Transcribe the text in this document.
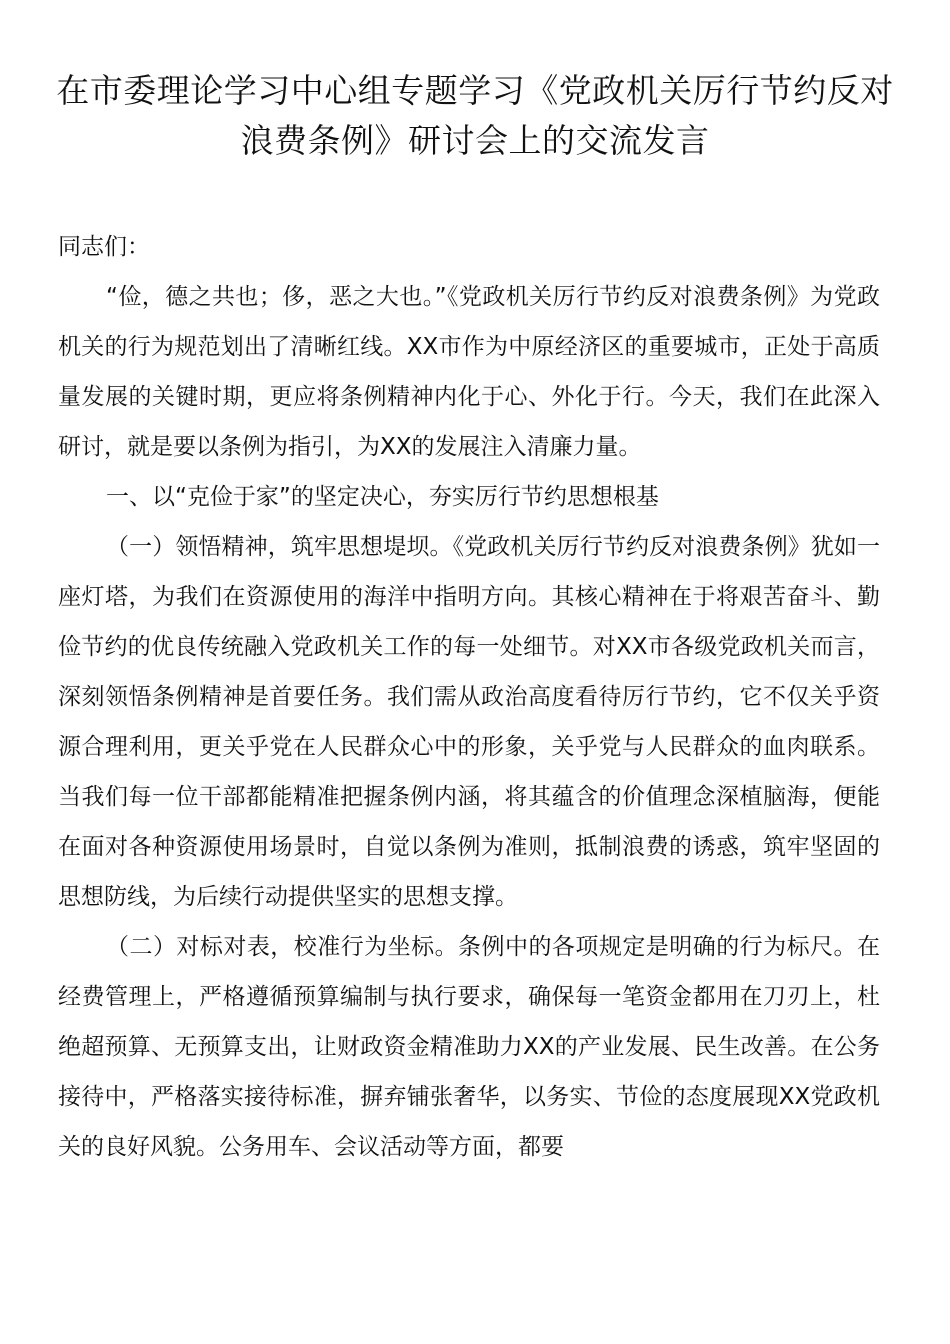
在市委理论学习中心组专题学习《党政机关厉行节约反对浪费条例》研讨会上的交流发言

同志们：

“俭，德之共也；侈，恶之大也。”《党政机关厉行节约反对浪费条例》为党政机关的行为规范划出了清晰红线。XX市作为中原经济区的重要城市，正处于高质量发展的关键时期，更应将条例精神内化于心、外化于行。今天，我们在此深入研讨，就是要以条例为指引，为XX的发展注入清廉力量。

一、以“克俭于家”的坚定决心，夯实厉行节约思想根基

（一）领悟精神，筑牢思想堤坝。《党政机关厉行节约反对浪费条例》犹如一座灯塔，为我们在资源使用的海洋中指明方向。其核心精神在于将艰苦奋斗、勤俭节约的优良传统融入党政机关工作的每一处细节。对XX市各级党政机关而言，深刻领悟条例精神是首要任务。我们需从政治高度看待厉行节约，它不仅关乎资源合理利用，更关乎党在人民群众心中的形象，关乎党与人民群众的血肉联系。当我们每一位干部都能精准把握条例内涵，将其蕴含的价值理念深植脑海，便能在面对各种资源使用场景时，自觉以条例为准则，抵制浪费的诱惑，筑牢坚固的思想防线，为后续行动提供坚实的思想支撑。

（二）对标对表，校准行为坐标。条例中的各项规定是明确的行为标尺。在经费管理上，严格遵循预算编制与执行要求，确保每一笔资金都用在刀刃上，杜绝超预算、无预算支出，让财政资金精准助力XX的产业发展、民生改善。在公务接待中，严格落实接待标准，摒弃铺张奢华，以务实、节俭的态度展现XX党政机关的良好风貌。公务用车、会议活动等方面，都要
